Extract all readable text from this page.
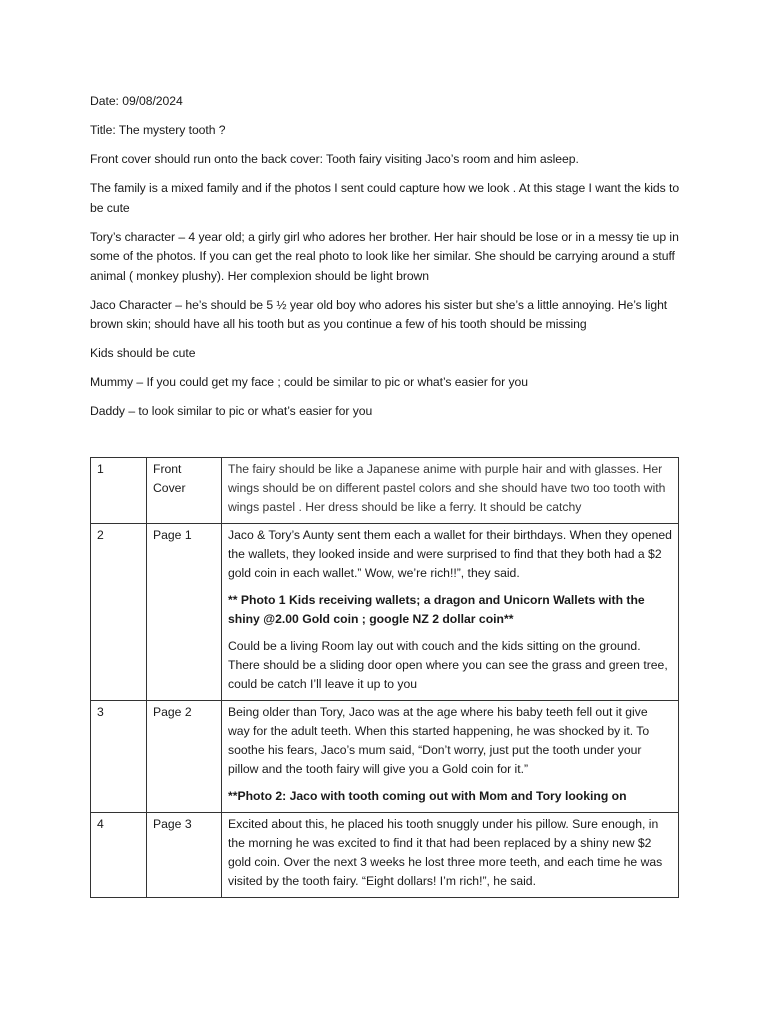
Date: 09/08/2024

Title: The mystery tooth ?

Front cover should run onto the back cover: Tooth fairy visiting Jaco’s room and him asleep.

The family is a mixed family and if the photos I sent could capture how we look . At this stage I want the kids to be cute

Tory’s character – 4 year old; a girly girl who adores her brother. Her hair should be lose or in a messy tie up in some of the photos. If you can get the real photo to look like her similar. She should be carrying around a stuff animal ( monkey plushy). Her complexion should be light brown

Jaco Character – he’s should be 5 ½ year old boy who adores his sister but she’s a little annoying. He’s light brown skin; should have all his tooth but as you continue a few of his tooth should be missing

Kids should be cute

Mummy – If you could get my face ; could be similar to pic or what’s easier for you

Daddy – to look similar to pic or what’s easier for you

1	Front Cover	The fairy should be like a Japanese anime with purple hair and with glasses. Her wings should be on different pastel colors and she should have two too tooth with wings pastel . Her dress should be like a ferry. It should be catchy

2	Page 1	Jaco & Tory’s Aunty sent them each a wallet for their birthdays. When they opened the wallets, they looked inside and were surprised to find that they both had a $2 gold coin in each wallet.” Wow, we’re rich!!”, they said.

** Photo 1 Kids receiving wallets; a dragon and Unicorn Wallets with the shiny @2.00 Gold coin ; google NZ 2 dollar coin**

Could be a living Room lay out with couch and the kids sitting on the ground. There should be a sliding door open where you can see the grass and green tree, could be catch I’ll leave it up to you

3	Page 2	Being older than Tory, Jaco was at the age where his baby teeth fell out it give way for the adult teeth. When this started happening, he was shocked by it. To soothe his fears, Jaco’s mum said, “Don’t worry, just put the tooth under your pillow and the tooth fairy will give you a Gold coin for it.”

**Photo 2: Jaco with tooth coming out with Mom and Tory looking on

4	Page 3	Excited about this, he placed his tooth snuggly under his pillow. Sure enough, in the morning he was excited to find it that had been replaced by a shiny new $2 gold coin. Over the next 3 weeks he lost three more teeth, and each time he was visited by the tooth fairy. “Eight dollars! I’m rich!”, he said.
